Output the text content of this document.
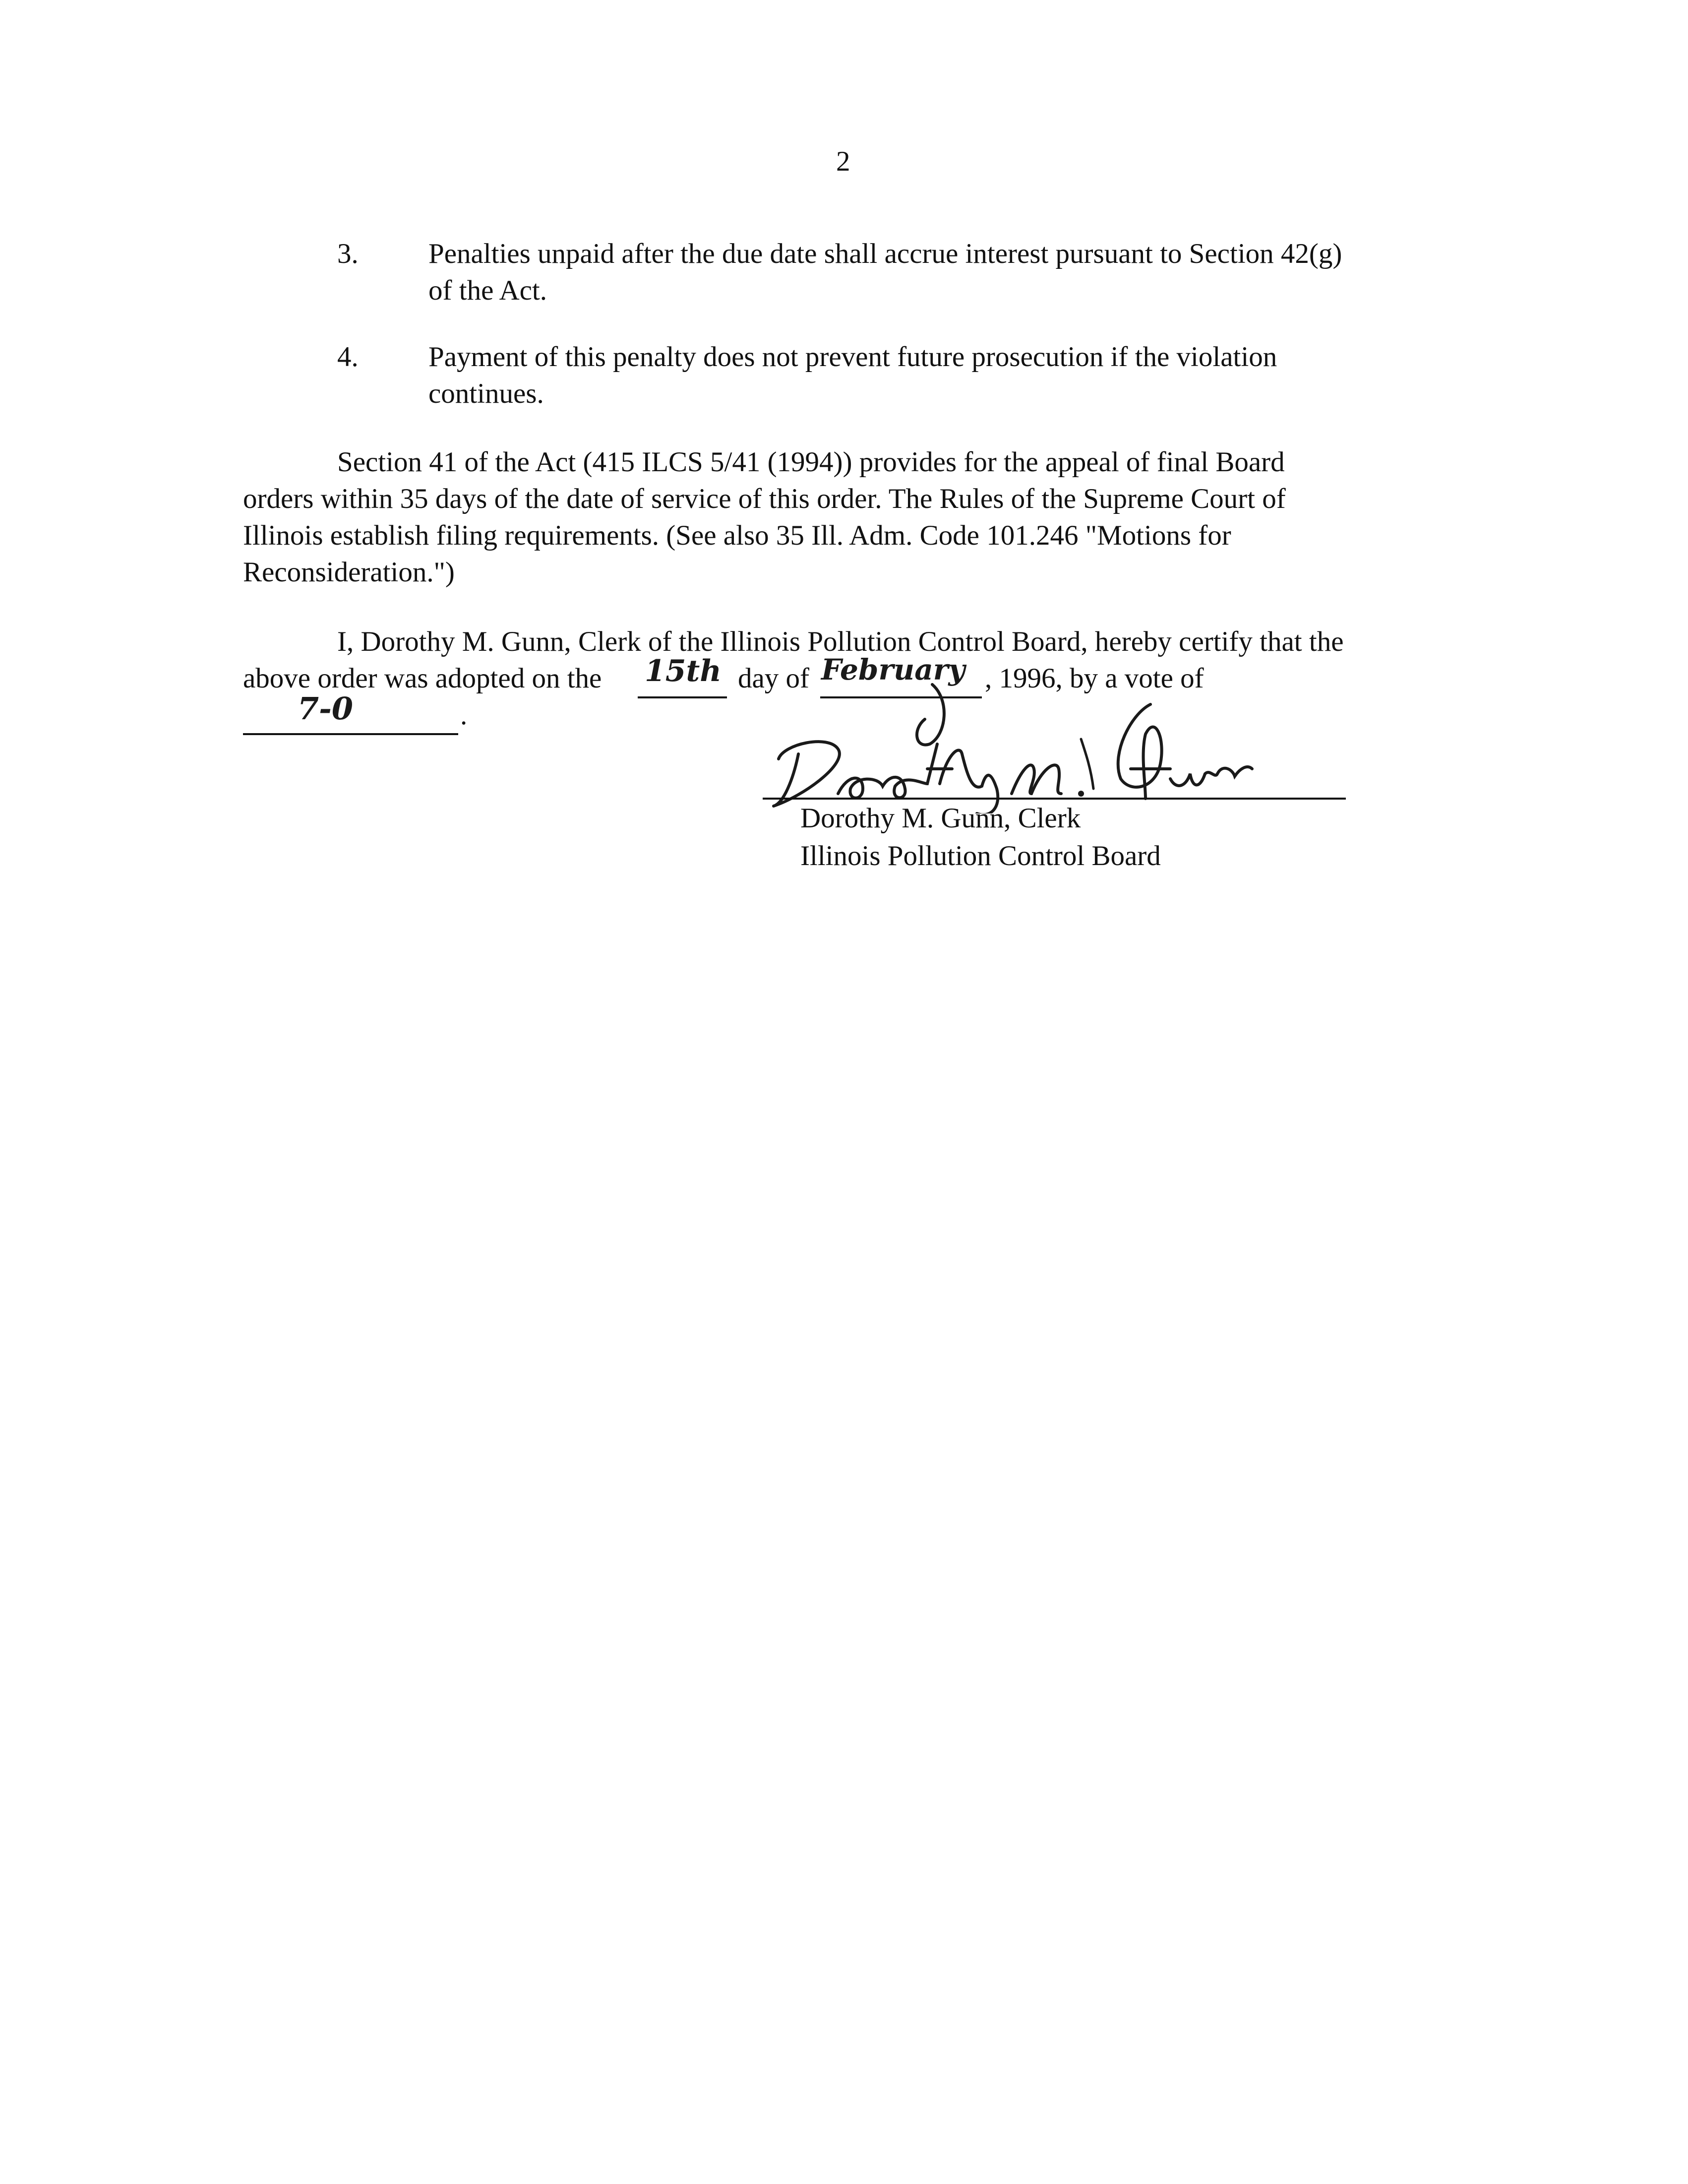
2
3. Penalties unpaid after the due date shall accrue interest pursuant to Section 42(g)
of the Act.
4. Payment of this penalty does not prevent future prosecution if the violation
continues.
Section 41 of the Act (415 ILCS 5/41 (1994)) provides for the appeal of final Board
orders within 35 days of the date of service of this order. The Rules of the Supreme Court of
Illinois establish filing requirements. (See also 35 Ill. Adm. Code 101.246 "Motions for
Reconsideration.")
I, Dorothy M. Gunn, Clerk of the Illinois Pollution Control Board, hereby certify that the
above order was adopted on the 15th day of February , 1996, by a vote of
7-0	.
Dorothy M. Gunn, Clerk
Illinois Pollution Control Board
